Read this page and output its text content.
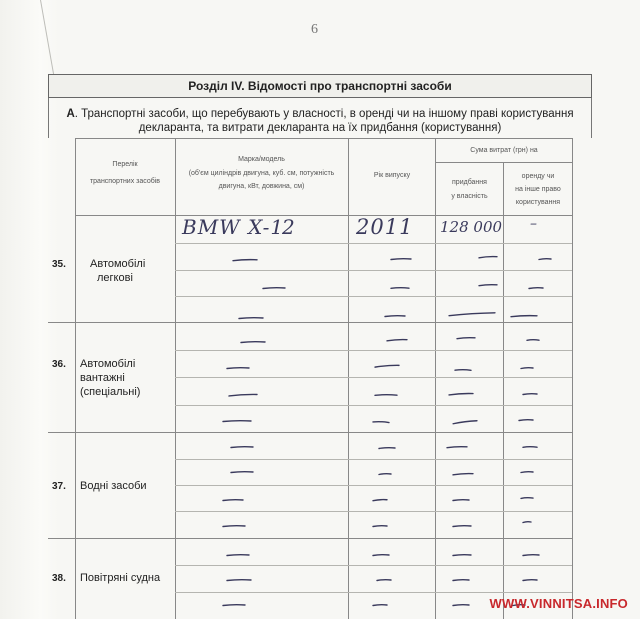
6
Розділ IV. Відомості про транспортні засоби
А. Транспортні засоби, що перебувають у власності, в оренді чи на іншому праві користування
декларанта, та витрати декларанта на їх придбання (користування)
Перелік
транспортних засобів
Марка/модель
(об'єм циліндрів двигуна, куб. см, потужність
двигуна, кВт, довжина, см)
Рік випуску
Сума витрат (грн) на
придбання
у власність
оренду чи
на інше право
користування
35. Автомобілі
легкові
36. Автомобілі
вантажні
(спеціальні)
37. Водні засоби
38. Повітряні судна
BMW X-1
2	2011 128 000 –
WWW.VINNITSA.INFO
